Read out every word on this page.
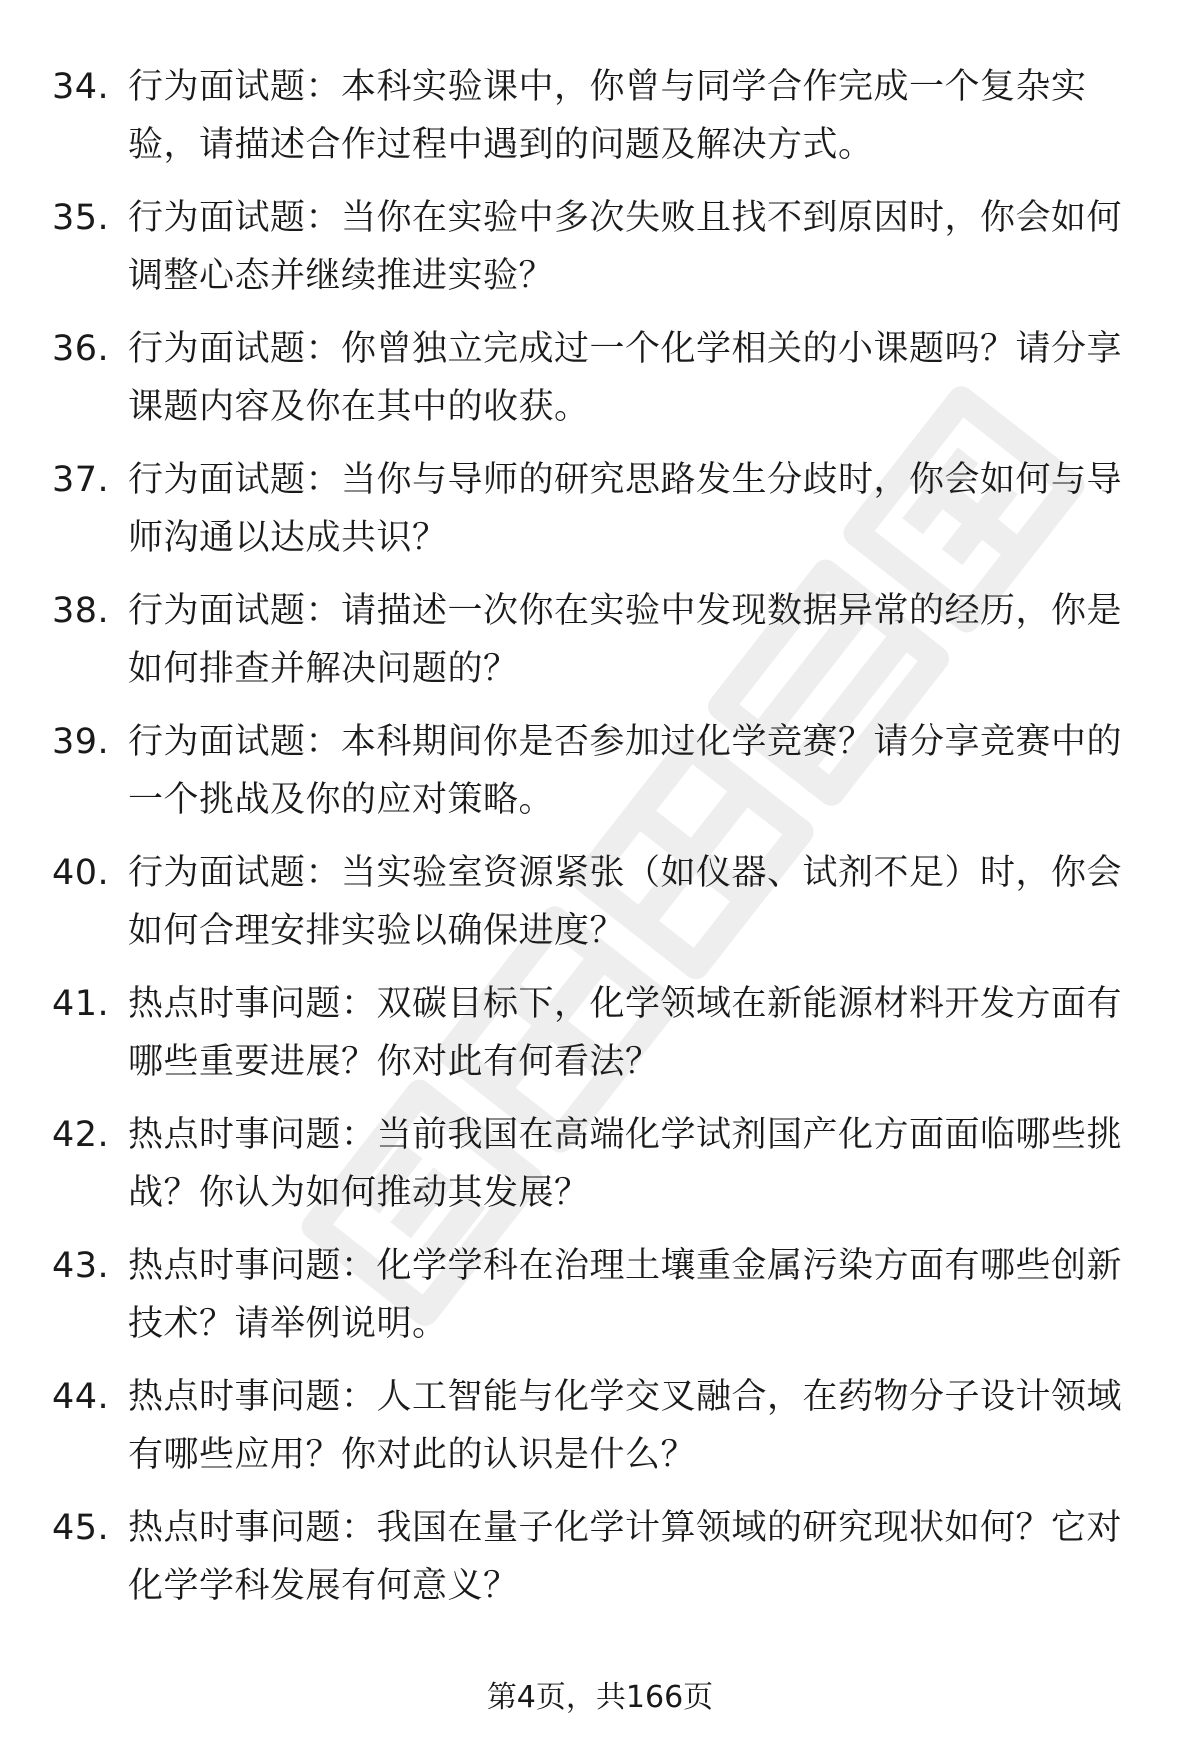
34. 行为面试题：本科实验课中，你曾与同学合作完成一个复杂实
验，请描述合作过程中遇到的问题及解决方式。
35. 行为面试题：当你在实验中多次失败且找不到原因时，你会如何
调整心态并继续推进实验？
36. 行为面试题：你曾独立完成过一个化学相关的小课题吗？请分享
课题内容及你在其中的收获。
37. 行为面试题：当你与导师的研究思路发生分歧时，你会如何与导
师沟通以达成共识？
38. 行为面试题：请描述一次你在实验中发现数据异常的经历，你是
如何排查并解决问题的？
39. 行为面试题：本科期间你是否参加过化学竞赛？请分享竞赛中的
一个挑战及你的应对策略。
40. 行为面试题：当实验室资源紧张（如仪器、试剂不足）时，你会
如何合理安排实验以确保进度？
41. 热点时事问题：双碳目标下，化学领域在新能源材料开发方面有
哪些重要进展？你对此有何看法？
42. 热点时事问题：当前我国在高端化学试剂国产化方面面临哪些挑
战？你认为如何推动其发展？
43. 热点时事问题：化学学科在治理土壤重金属污染方面有哪些创新
技术？请举例说明。
44. 热点时事问题：人工智能与化学交叉融合，在药物分子设计领域
有哪些应用？你对此的认识是什么？
45. 热点时事问题：我国在量子化学计算领域的研究现状如何？它对
化学学科发展有何意义？
第4页，共166页
